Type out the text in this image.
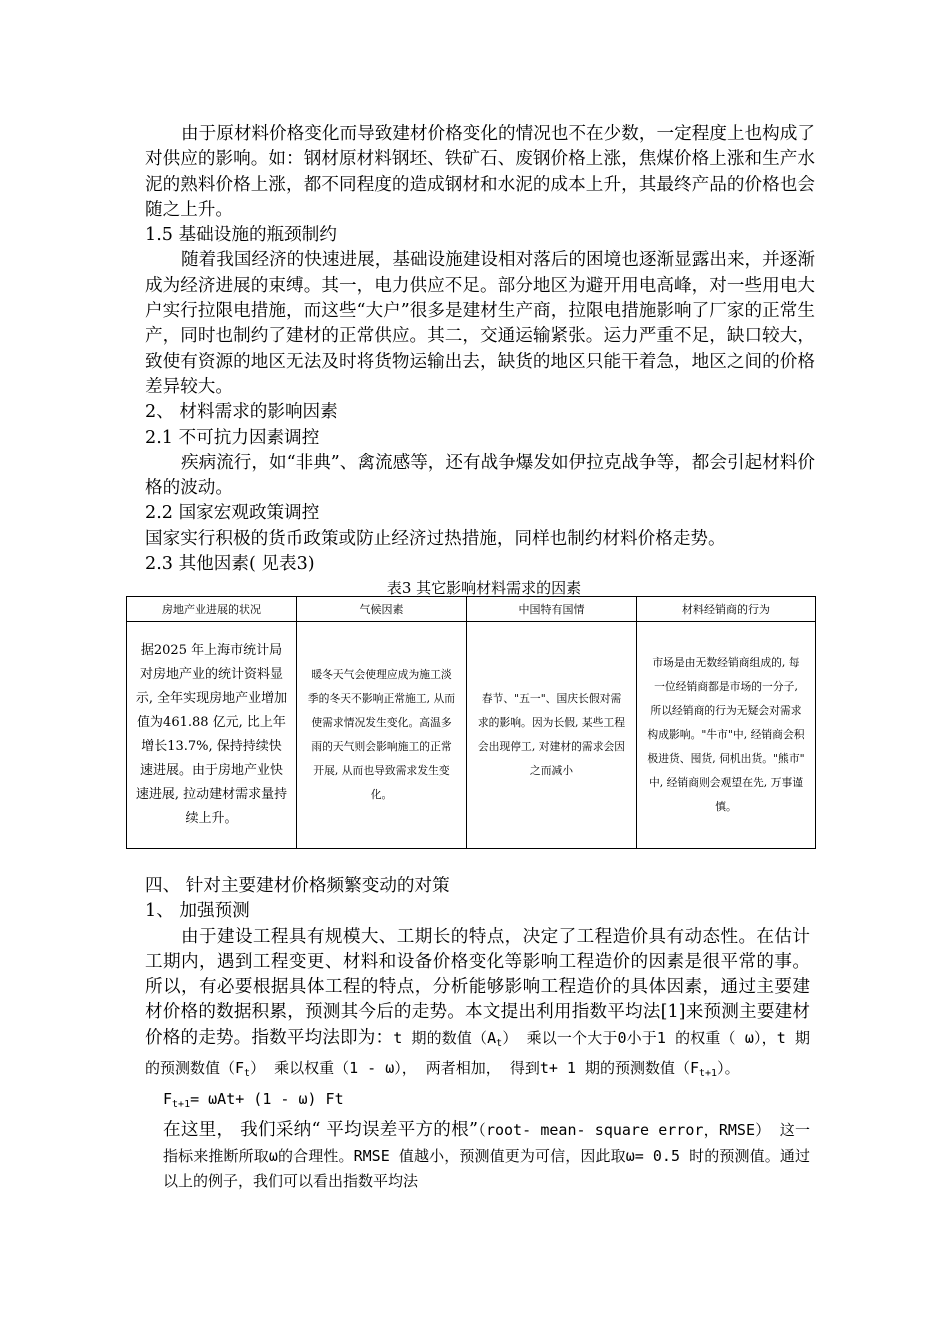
由于原材料价格变化而导致建材价格变化的情况也不在少数，一定程度上也构成了对供应的影响。如：钢材原材料钢坯、铁矿石、废钢价格上涨，焦煤价格上涨和生产水泥的熟料价格上涨，都不同程度的造成钢材和水泥的成本上升，其最终产品的价格也会随之上升。

1.5 基础设施的瓶颈制约

随着我国经济的快速进展，基础设施建设相对落后的困境也逐渐显露出来，并逐渐成为经济进展的束缚。其一，电力供应不足。部分地区为避开用电高峰，对一些用电大户实行拉限电措施，而这些“大户”很多是建材生产商，拉限电措施影响了厂家的正常生产，同时也制约了建材的正常供应。其二，交通运输紧张。运力严重不足，缺口较大，致使有资源的地区无法及时将货物运输出去，缺货的地区只能干着急，地区之间的价格差异较大。

2、 材料需求的影响因素

2.1 不可抗力因素调控

疾病流行，如“非典”、禽流感等，还有战争爆发如伊拉克战争等，都会引起材料价格的波动。

2.2 国家宏观政策调控

国家实行积极的货币政策或防止经济过热措施，同样也制约材料价格走势。

2.3 其他因素( 见表3)

表3 其它影响材料需求的因素

房地产业进展的状况	气候因素	中国特有国情	材料经销商的行为
据2025 年上海市统计局对房地产业的统计资料显示, 全年实现房地产业增加值为461.88 亿元, 比上年增长13.7%, 保持持续快速进展。由于房地产业快速进展, 拉动建材需求量持续上升。	暖冬天气会使理应成为施工淡季的冬天不影响正常施工, 从而使需求情况发生变化。高温多雨的天气则会影响施工的正常开展, 从而也导致需求发生变化。	春节、"五一"、国庆长假对需求的影响。因为长假, 某些工程会出现停工, 对建材的需求会因之而减小	市场是由无数经销商组成的, 每一位经销商都是市场的一分子, 所以经销商的行为无疑会对需求构成影响。"牛市"中, 经销商会积极进货、囤货, 伺机出货。"熊市" 中, 经销商则会观望在先, 万事谨慎。

四、 针对主要建材价格频繁变动的对策

1、 加强预测

由于建设工程具有规模大、工期长的特点，决定了工程造价具有动态性。在估计工期内，遇到工程变更、材料和设备价格变化等影响工程造价的因素是很平常的事。所以，有必要根据具体工程的特点，分析能够影响工程造价的具体因素，通过主要建材价格的数据积累，预测其今后的走势。本文提出利用指数平均法[1]来预测主要建材价格的走势。指数平均法即为：t 期的数值$(A_t)$ 乘以一个大于0小于1 的权重（ ω），t 期的预测数值$(F_t)$ 乘以权重（1 - ω）， 两者相加， 得到t+ 1 期的预测数值$(F_{t+1})$。

$F_{t+1}= \omega At+ (1 - \omega)$ Ft

在这里， 我们采纳“ 平均误差平方的根”（root- mean- square error，RMSE） 这一指标来推断所取ω的合理性。RMSE 值越小，预测值更为可信，因此取ω= 0.5 时的预测值。通过以上的例子，我们可以看出指数平均法
